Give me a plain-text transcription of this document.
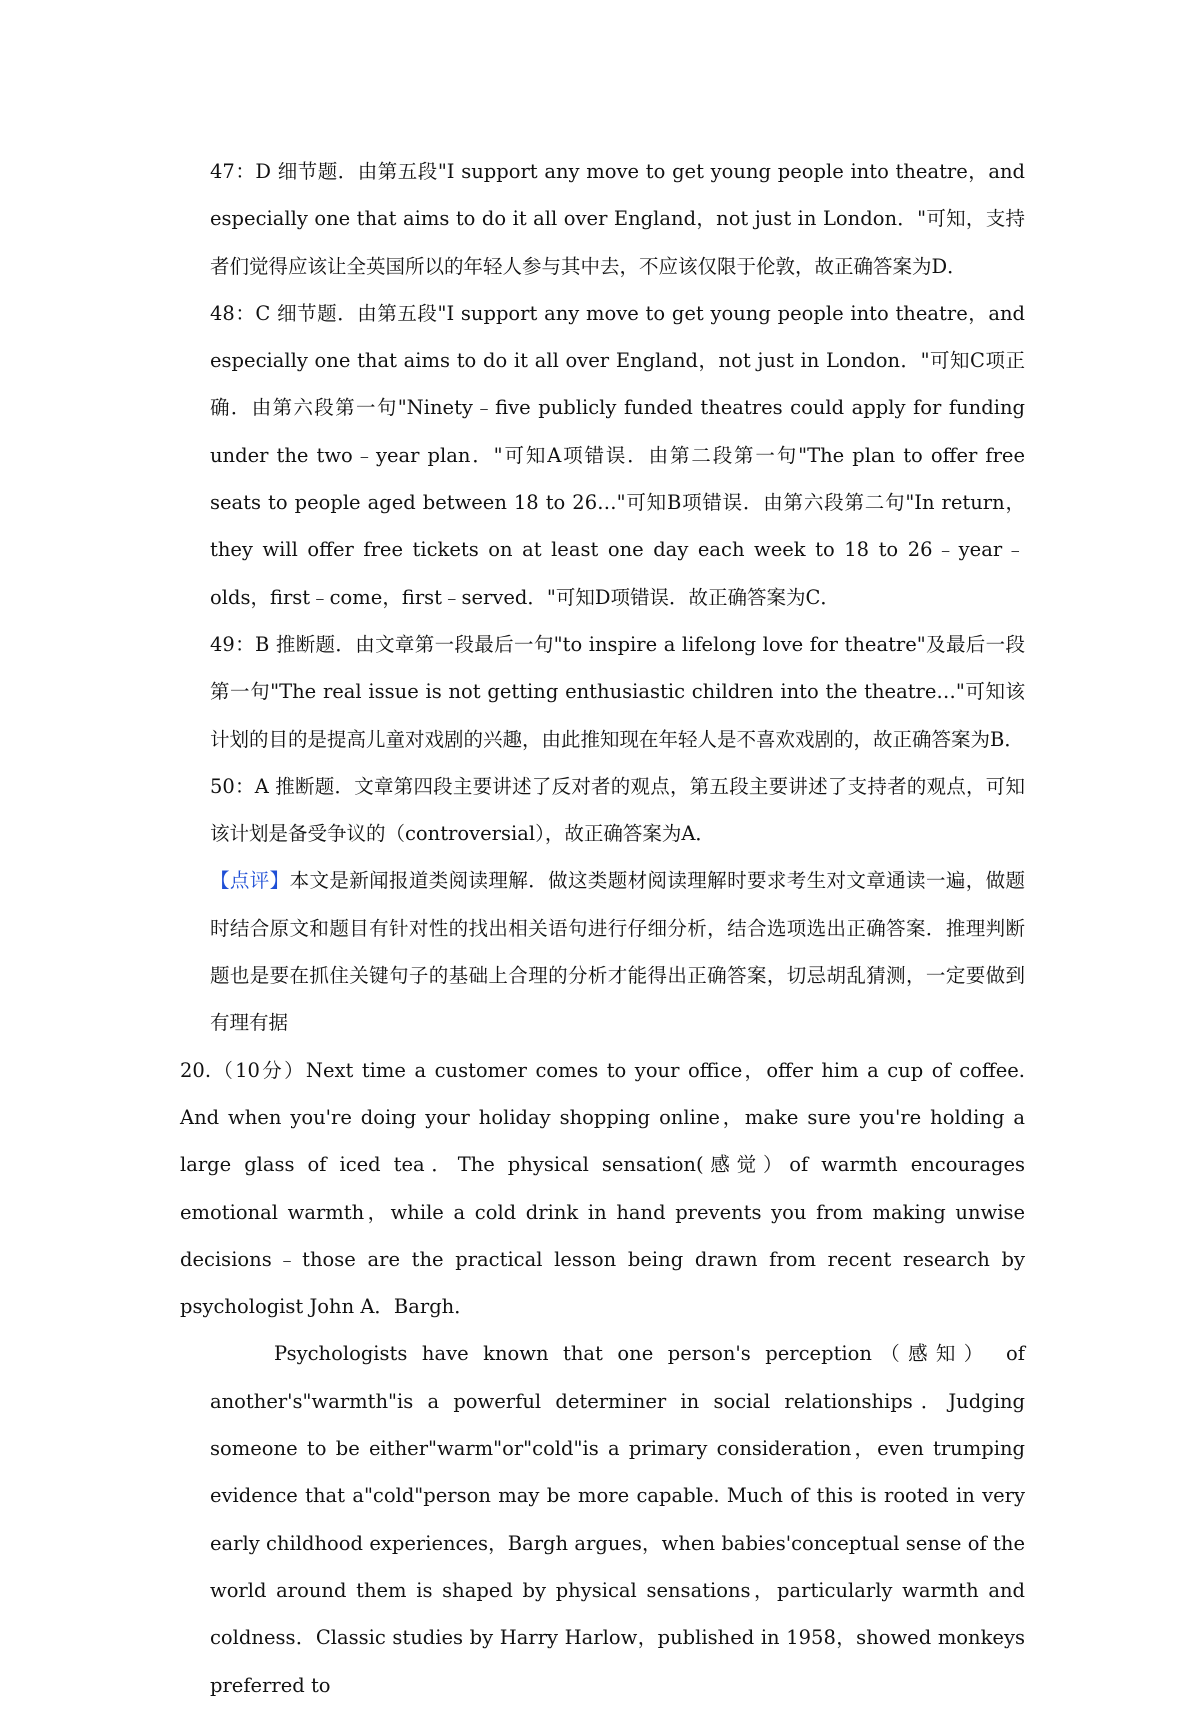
47：D 细节题．由第五段"I support any move to get young people into theatre，and especially one that aims to do it all over England，not just in London．"可知，支持者们觉得应该让全英国所以的年轻人参与其中去，不应该仅限于伦敦，故正确答案为D．

48：C 细节题．由第五段"I support any move to get young people into theatre，and especially one that aims to do it all over England，not just in London．"可知C项正确．由第六段第一句"Ninety﹣five publicly funded theatres could apply for funding under the two﹣year plan．"可知A项错误．由第二段第一句"The plan to offer free seats to people aged between 18 to 26…"可知B项错误．由第六段第二句"In return，they will offer free tickets on at least one day each week to 18 to 26﹣year﹣olds，first﹣come，first﹣served．"可知D项错误．故正确答案为C．

49：B 推断题．由文章第一段最后一句"to inspire a lifelong love for theatre"及最后一段第一句"The real issue is not getting enthusiastic children into the theatre…"可知该计划的目的是提高儿童对戏剧的兴趣，由此推知现在年轻人是不喜欢戏剧的，故正确答案为B．

50：A 推断题．文章第四段主要讲述了反对者的观点，第五段主要讲述了支持者的观点，可知该计划是备受争议的（controversial），故正确答案为A．

【点评】本文是新闻报道类阅读理解．做这类题材阅读理解时要求考生对文章通读一遍，做题时结合原文和题目有针对性的找出相关语句进行仔细分析，结合选项选出正确答案．推理判断题也是要在抓住关键句子的基础上合理的分析才能得出正确答案，切忌胡乱猜测，一定要做到有理有据

20.（10分）Next time a customer comes to your office，offer him a cup of coffee. And when you're doing your holiday shopping online，make sure you're holding a large glass of iced tea．The physical sensation(感觉）of warmth encourages emotional warmth，while a cold drink in hand prevents you from making unwise decisions﹣those are the practical lesson being drawn from recent research by psychologist John A．Bargh．

Psychologists have known that one person's perception（感知） of another's"warmth"is a powerful determiner in social relationships．Judging someone to be either"warm"or"cold"is a primary consideration，even trumping evidence that a"cold"person may be more capable. Much of this is rooted in very early childhood experiences，Bargh argues，when babies'conceptual sense of the world around them is shaped by physical sensations，particularly warmth and coldness．Classic studies by Harry Harlow，published in 1958，showed monkeys preferred to
